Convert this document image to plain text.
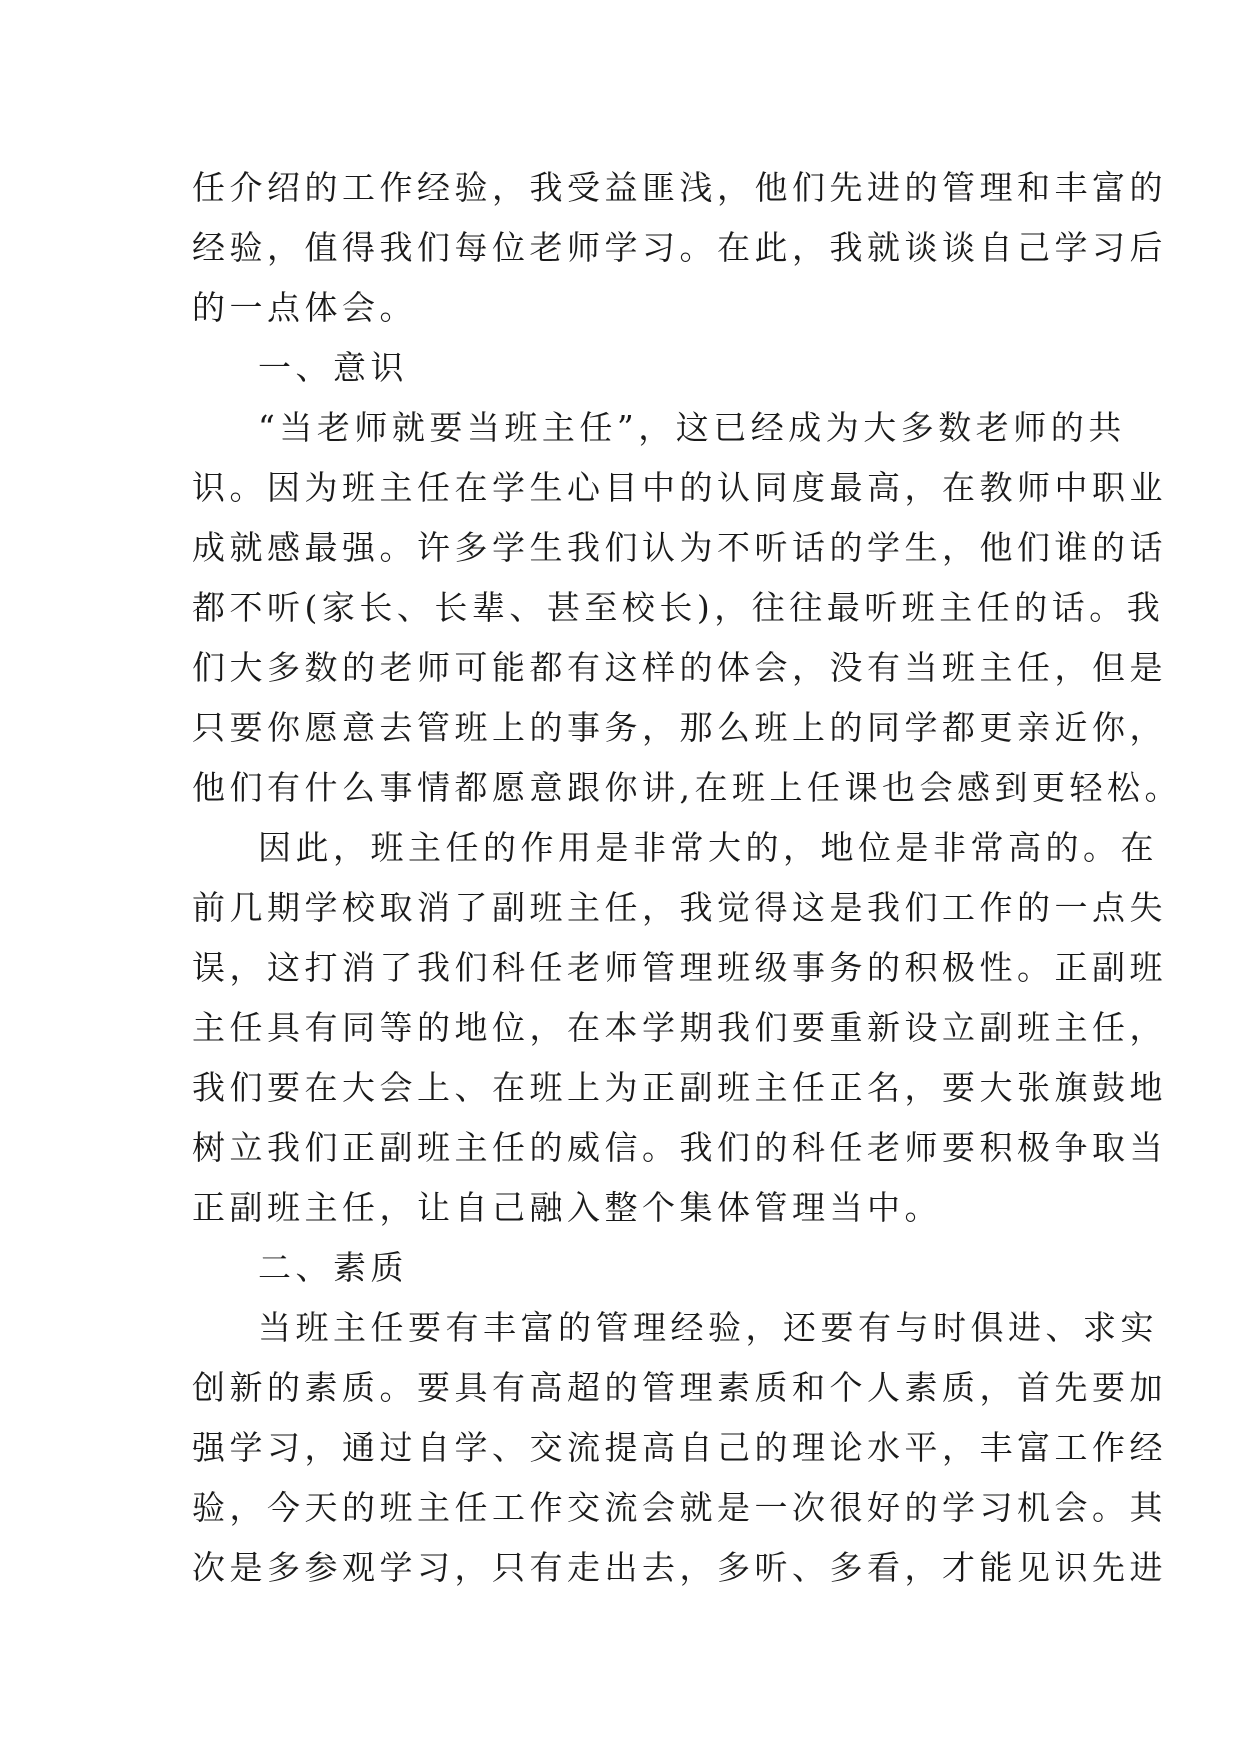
任介绍的工作经验，我受益匪浅，他们先进的管理和丰富的
经验，值得我们每位老师学习。在此，我就谈谈自己学习后
的一点体会。
一、意识
“当老师就要当班主任”，这已经成为大多数老师的共
识。因为班主任在学生心目中的认同度最高，在教师中职业
成就感最强。许多学生我们认为不听话的学生，他们谁的话
都不听(家长、长辈、甚至校长)，往往最听班主任的话。我
们大多数的老师可能都有这样的体会，没有当班主任，但是
只要你愿意去管班上的事务，那么班上的同学都更亲近你，
他们有什么事情都愿意跟你讲,在班上任课也会感到更轻松。
因此，班主任的作用是非常大的，地位是非常高的。在
前几期学校取消了副班主任，我觉得这是我们工作的一点失
误，这打消了我们科任老师管理班级事务的积极性。正副班
主任具有同等的地位，在本学期我们要重新设立副班主任，
我们要在大会上、在班上为正副班主任正名，要大张旗鼓地
树立我们正副班主任的威信。我们的科任老师要积极争取当
正副班主任，让自己融入整个集体管理当中。
二、素质
当班主任要有丰富的管理经验，还要有与时俱进、求实
创新的素质。要具有高超的管理素质和个人素质，首先要加
强学习，通过自学、交流提高自己的理论水平，丰富工作经
验，今天的班主任工作交流会就是一次很好的学习机会。其
次是多参观学习，只有走出去，多听、多看，才能见识先进
